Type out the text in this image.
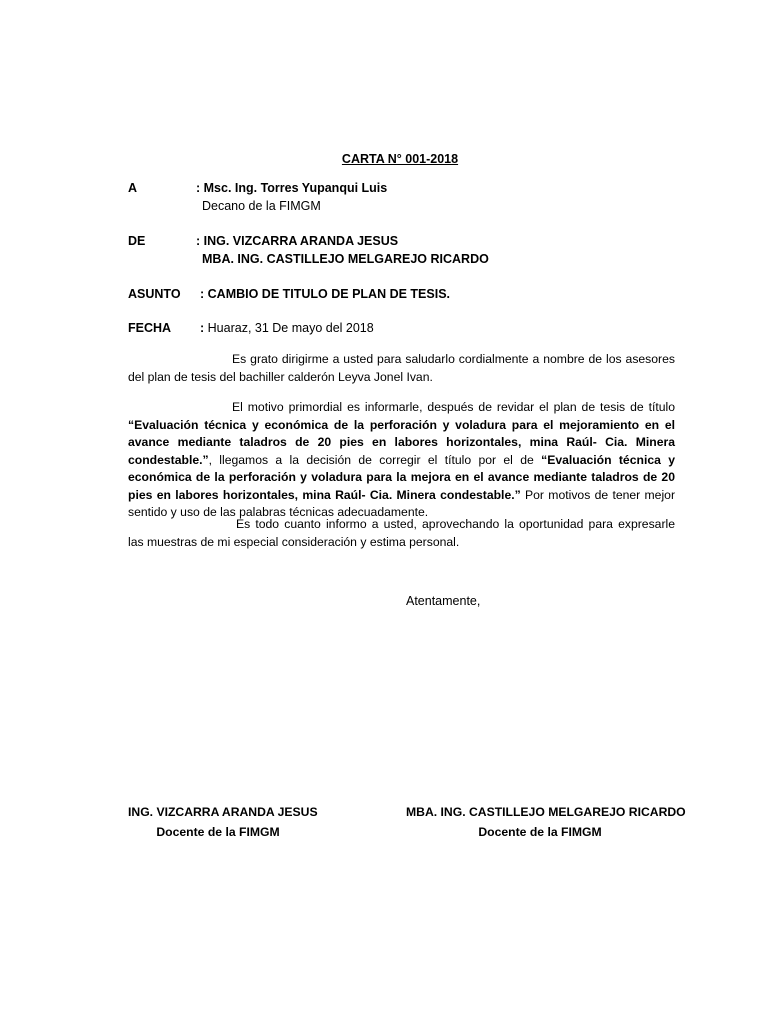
CARTA N° 001-2018
A	: Msc. Ing. Torres Yupanqui Luis
Decano de la FIMGM
DE	: ING. VIZCARRA ARANDA JESUS
MBA. ING. CASTILLEJO MELGAREJO RICARDO
ASUNTO : CAMBIO DE TITULO DE PLAN DE TESIS.
FECHA : Huaraz, 31 De mayo del 2018
Es grato dirigirme a usted para saludarlo cordialmente a nombre de los asesores del plan de tesis del bachiller calderón Leyva Jonel Ivan.
El motivo primordial es informarle, después de revidar el plan de tesis de título “Evaluación técnica y económica de la perforación y voladura para el mejoramiento en el avance mediante taladros de 20 pies en labores horizontales, mina Raúl- Cia. Minera condestable.”, llegamos a la decisión de corregir el título por el de “Evaluación técnica y económica de la perforación y voladura para la mejora en el avance mediante taladros de 20 pies en labores horizontales, mina Raúl- Cia. Minera condestable.” Por motivos de tener mejor sentido y uso de las palabras técnicas adecuadamente.
Es todo cuanto informo a usted, aprovechando la oportunidad para expresarle las muestras de mi especial consideración y estima personal.
Atentamente,
ING. VIZCARRA ARANDA JESUS
Docente de la FIMGM
MBA. ING. CASTILLEJO MELGAREJO RICARDO
Docente de la FIMGM
